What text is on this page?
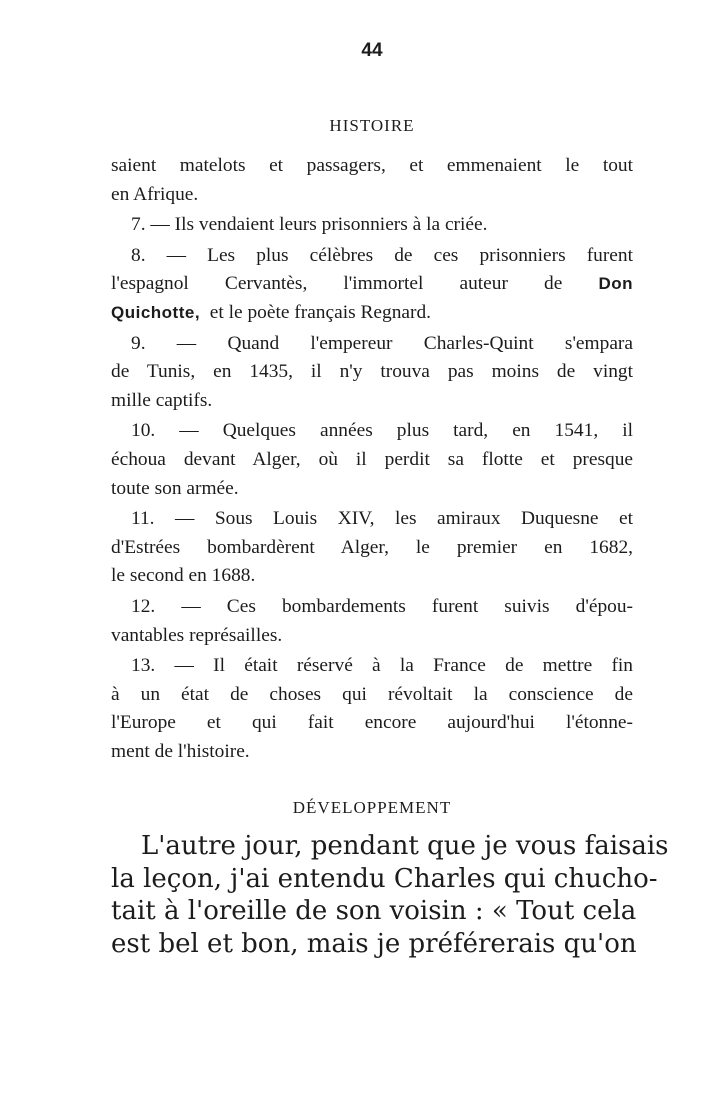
44
HISTOIRE
saient matelots et passagers, et emmenaient le tout
en Afrique.
7. — Ils vendaient leurs prisonniers à la criée.
8. — Les plus célèbres de ces prisonniers furent
l'espagnol Cervantès, l'immortel auteur de Don
Quichotte, et le poète français Regnard.
9. — Quand l'empereur Charles-Quint s'empara
de Tunis, en 1435, il n'y trouva pas moins de vingt
mille captifs.
10. — Quelques années plus tard, en 1541, il
échoua devant Alger, où il perdit sa flotte et presque
toute son armée.
11. — Sous Louis XIV, les amiraux Duquesne et
d'Estrées bombardèrent Alger, le premier en 1682,
le second en 1688.
12. — Ces bombardements furent suivis d'épou-
vantables représailles.
13. — Il était réservé à la France de mettre fin
à un état de choses qui révoltait la conscience de
l'Europe et qui fait encore aujourd'hui l'étonne-
ment de l'histoire.
DÉVELOPPEMENT
L'autre jour, pendant que je vous faisais
la leçon, j'ai entendu Charles qui chucho-
tait à l'oreille de son voisin : « Tout cela
est bel et bon, mais je préférerais qu'on
